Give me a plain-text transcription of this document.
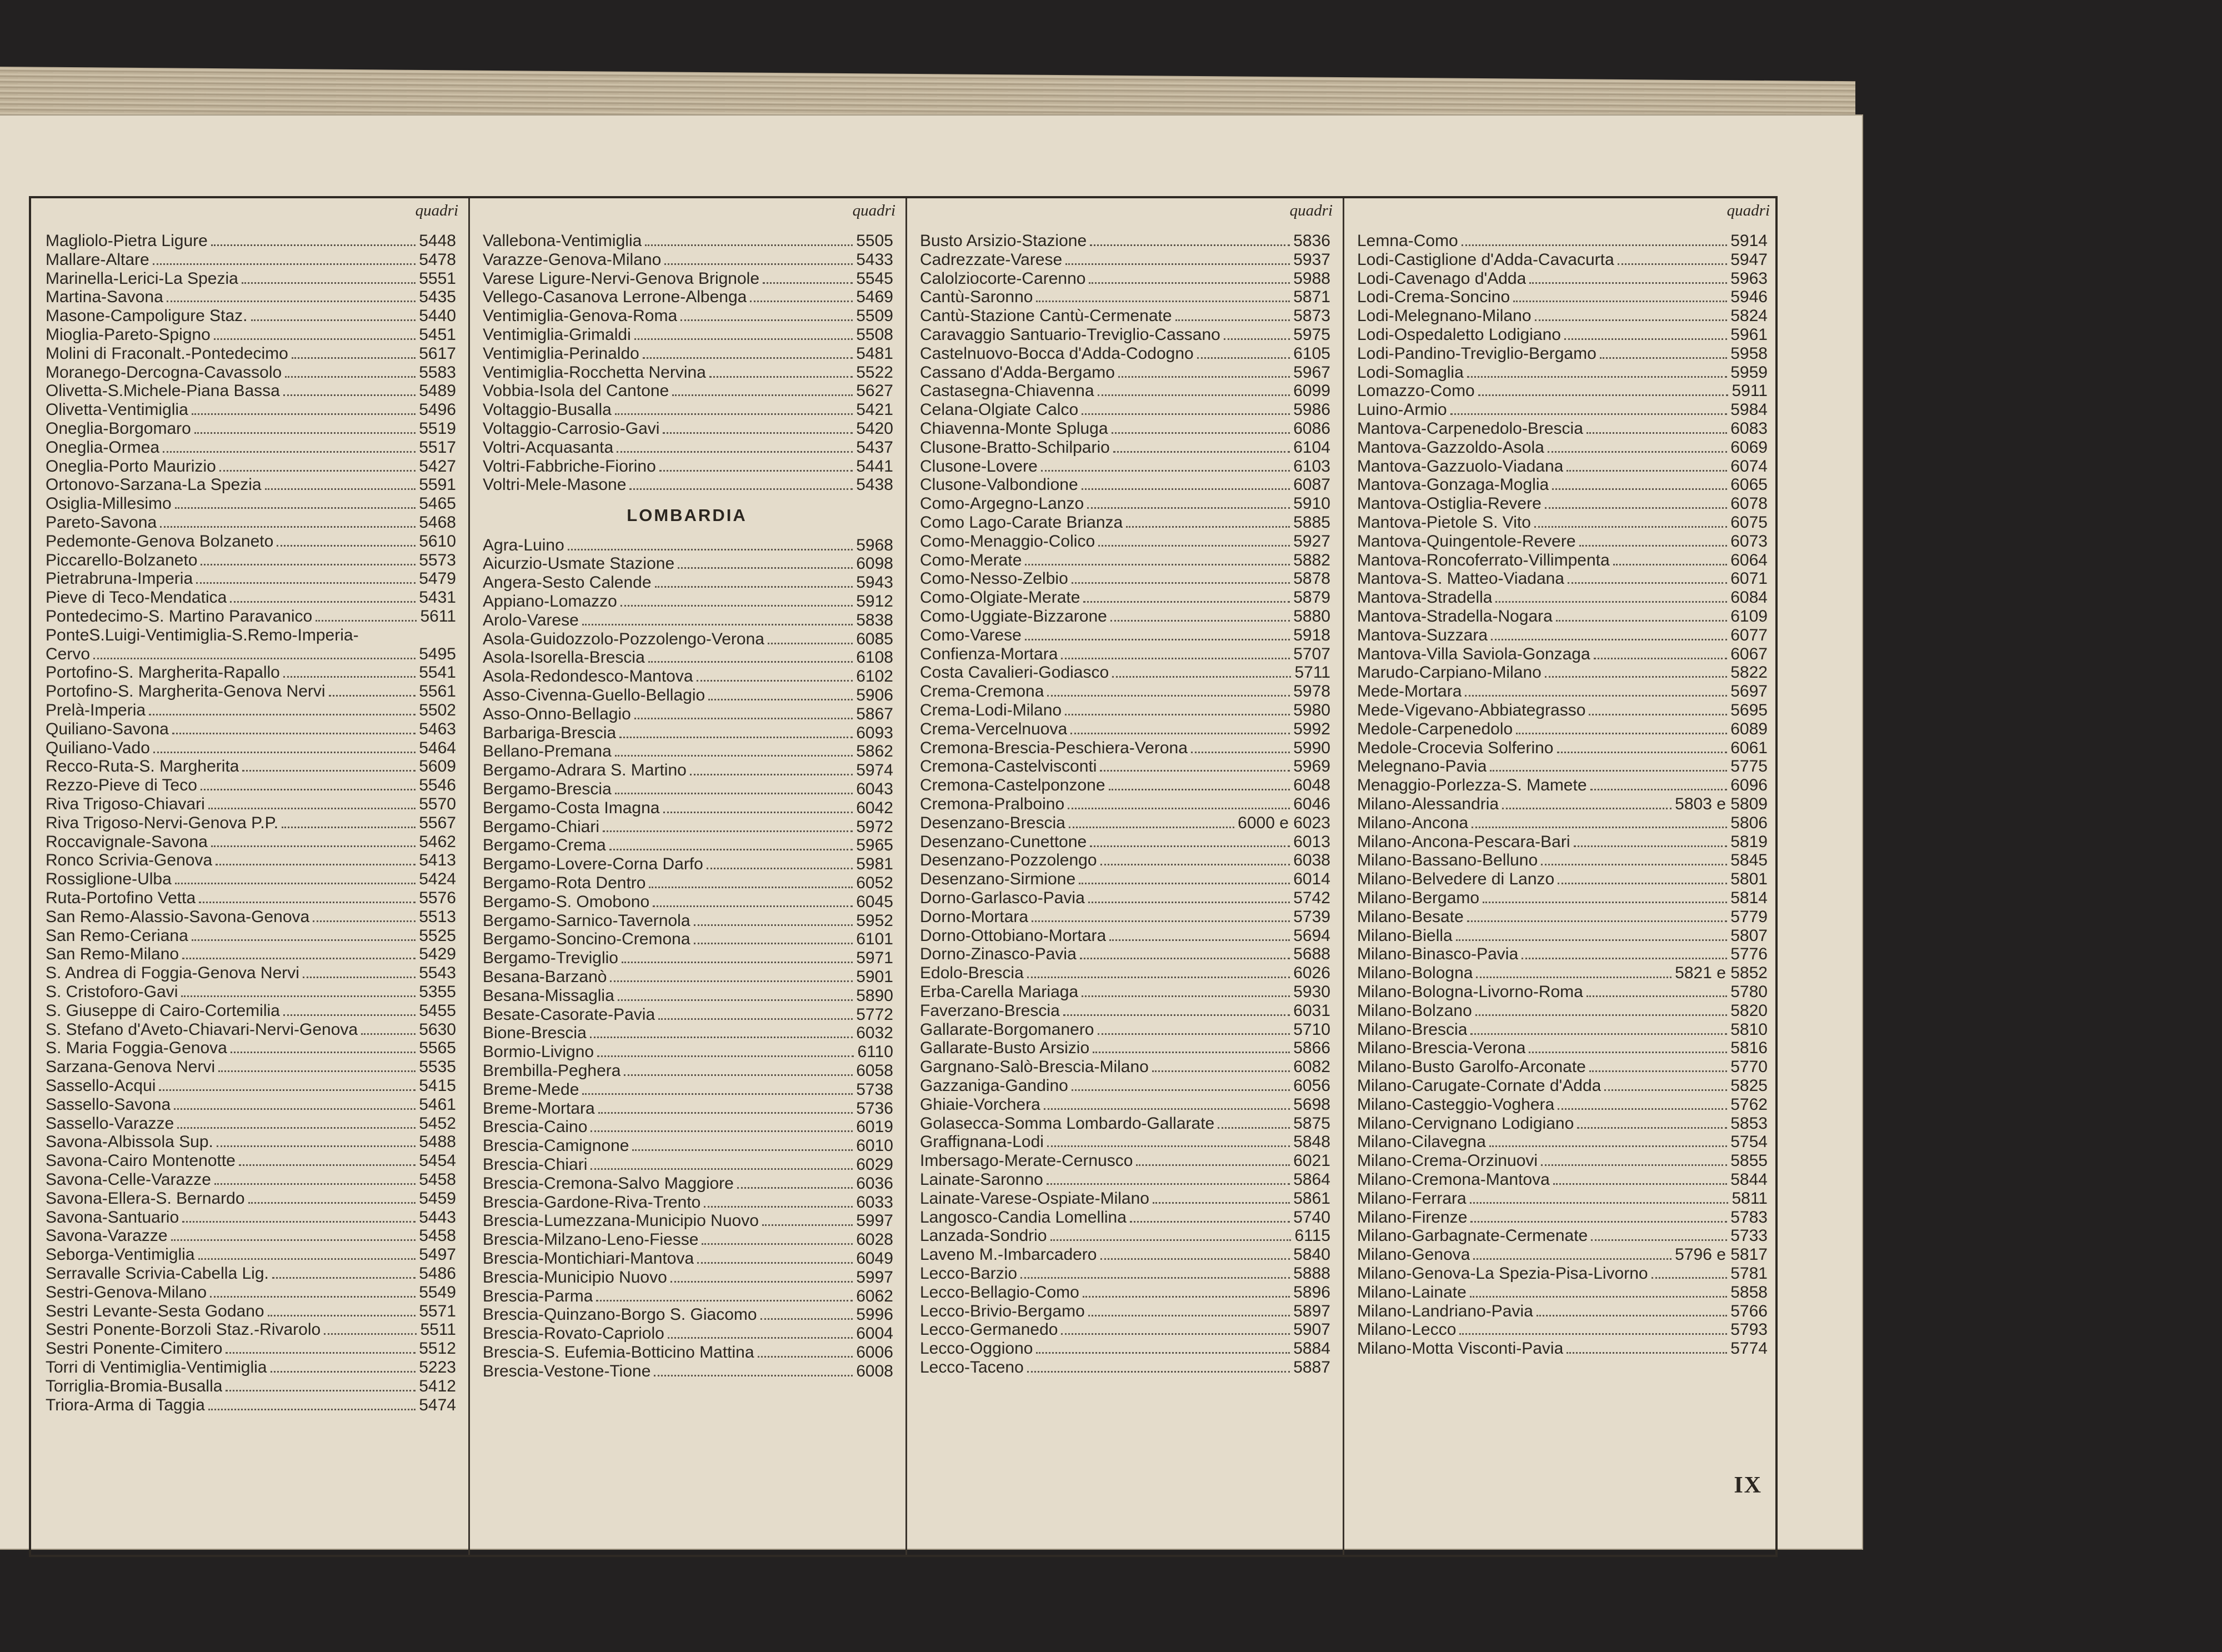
quadri
Magliolo-Pietra Ligure	5448
Mallare-Altare	5478
Marinella-Lerici-La Spezia	5551
Martina-Savona	5435
Masone-Campoligure Staz.	5440
Mioglia-Pareto-Spigno	5451
Molini di Fraconalt.-Pontedecimo	5617
Moranego-Dercogna-Cavassolo	5583
Olivetta-S.Michele-Piana Bassa	5489
Olivetta-Ventimiglia	5496
Oneglia-Borgomaro	5519
Oneglia-Ormea	5517
Oneglia-Porto Maurizio	5427
Ortonovo-Sarzana-La Spezia	5591
Osiglia-Millesimo	5465
Pareto-Savona	5468
Pedemonte-Genova Bolzaneto	5610
Piccarello-Bolzaneto	5573
Pietrabruna-Imperia	5479
Pieve di Teco-Mendatica	5431
Pontedecimo-S. Martino Paravanico	5611
PonteS.Luigi-Ventimiglia-S.Remo-Imperia-
Cervo	5495
Portofino-S. Margherita-Rapallo	5541
Portofino-S. Margherita-Genova Nervi	5561
Prelà-Imperia	5502
Quiliano-Savona	5463
Quiliano-Vado	5464
Recco-Ruta-S. Margherita	5609
Rezzo-Pieve di Teco	5546
Riva Trigoso-Chiavari	5570
Riva Trigoso-Nervi-Genova P.P.	5567
Roccavignale-Savona	5462
Ronco Scrivia-Genova	5413
Rossiglione-Ulba	5424
Ruta-Portofino Vetta	5576
San Remo-Alassio-Savona-Genova	5513
San Remo-Ceriana	5525
San Remo-Milano	5429
S. Andrea di Foggia-Genova Nervi	5543
S. Cristoforo-Gavi	5355
S. Giuseppe di Cairo-Cortemilia	5455
S. Stefano d'Aveto-Chiavari-Nervi-Genova	5630
S. Maria Foggia-Genova	5565
Sarzana-Genova Nervi	5535
Sassello-Acqui	5415
Sassello-Savona	5461
Sassello-Varazze	5452
Savona-Albissola Sup.	5488
Savona-Cairo Montenotte	5454
Savona-Celle-Varazze	5458
Savona-Ellera-S. Bernardo	5459
Savona-Santuario	5443
Savona-Varazze	5458
Seborga-Ventimiglia	5497
Serravalle Scrivia-Cabella Lig.	5486
Sestri-Genova-Milano	5549
Sestri Levante-Sesta Godano	5571
Sestri Ponente-Borzoli Staz.-Rivarolo	5511
Sestri Ponente-Cimitero	5512
Torri di Ventimiglia-Ventimiglia	5223
Torriglia-Bromia-Busalla	5412
Triora-Arma di Taggia	5474
quadri
Vallebona-Ventimiglia	5505
Varazze-Genova-Milano	5433
Varese Ligure-Nervi-Genova Brignole	5545
Vellego-Casanova Lerrone-Albenga	5469
Ventimiglia-Genova-Roma	5509
Ventimiglia-Grimaldi	5508
Ventimiglia-Perinaldo	5481
Ventimiglia-Rocchetta Nervina	5522
Vobbia-Isola del Cantone	5627
Voltaggio-Busalla	5421
Voltaggio-Carrosio-Gavi	5420
Voltri-Acquasanta	5437
Voltri-Fabbriche-Fiorino	5441
Voltri-Mele-Masone	5438
LOMBARDIA
Agra-Luino	5968
Aicurzio-Usmate Stazione	6098
Angera-Sesto Calende	5943
Appiano-Lomazzo	5912
Arolo-Varese	5838
Asola-Guidozzolo-Pozzolengo-Verona	6085
Asola-Isorella-Brescia	6108
Asola-Redondesco-Mantova	6102
Asso-Civenna-Guello-Bellagio	5906
Asso-Onno-Bellagio	5867
Barbariga-Brescia	6093
Bellano-Premana	5862
Bergamo-Adrara S. Martino	5974
Bergamo-Brescia	6043
Bergamo-Costa Imagna	6042
Bergamo-Chiari	5972
Bergamo-Crema	5965
Bergamo-Lovere-Corna Darfo	5981
Bergamo-Rota Dentro	6052
Bergamo-S. Omobono	6045
Bergamo-Sarnico-Tavernola	5952
Bergamo-Soncino-Cremona	6101
Bergamo-Treviglio	5971
Besana-Barzanò	5901
Besana-Missaglia	5890
Besate-Casorate-Pavia	5772
Bione-Brescia	6032
Bormio-Livigno	6110
Brembilla-Peghera	6058
Breme-Mede	5738
Breme-Mortara	5736
Brescia-Caino	6019
Brescia-Camignone	6010
Brescia-Chiari	6029
Brescia-Cremona-Salvo Maggiore	6036
Brescia-Gardone-Riva-Trento	6033
Brescia-Lumezzana-Municipio Nuovo	5997
Brescia-Milzano-Leno-Fiesse	6028
Brescia-Montichiari-Mantova	6049
Brescia-Municipio Nuovo	5997
Brescia-Parma	6062
Brescia-Quinzano-Borgo S. Giacomo	5996
Brescia-Rovato-Capriolo	6004
Brescia-S. Eufemia-Botticino Mattina	6006
Brescia-Vestone-Tione	6008
quadri
Busto Arsizio-Stazione	5836
Cadrezzate-Varese	5937
Calolziocorte-Carenno	5988
Cantù-Saronno	5871
Cantù-Stazione Cantù-Cermenate	5873
Caravaggio Santuario-Treviglio-Cassano	5975
Castelnuovo-Bocca d'Adda-Codogno	6105
Cassano d'Adda-Bergamo	5967
Castasegna-Chiavenna	6099
Celana-Olgiate Calco	5986
Chiavenna-Monte Spluga	6086
Clusone-Bratto-Schilpario	6104
Clusone-Lovere	6103
Clusone-Valbondione	6087
Como-Argegno-Lanzo	5910
Como Lago-Carate Brianza	5885
Como-Menaggio-Colico	5927
Como-Merate	5882
Como-Nesso-Zelbio	5878
Como-Olgiate-Merate	5879
Como-Uggiate-Bizzarone	5880
Como-Varese	5918
Confienza-Mortara	5707
Costa Cavalieri-Godiasco	5711
Crema-Cremona	5978
Crema-Lodi-Milano	5980
Crema-Vercelnuova	5992
Cremona-Brescia-Peschiera-Verona	5990
Cremona-Castelvisconti	5969
Cremona-Castelponzone	6048
Cremona-Pralboino	6046
Desenzano-Brescia	6000 e 6023
Desenzano-Cunettone	6013
Desenzano-Pozzolengo	6038
Desenzano-Sirmione	6014
Dorno-Garlasco-Pavia	5742
Dorno-Mortara	5739
Dorno-Ottobiano-Mortara	5694
Dorno-Zinasco-Pavia	5688
Edolo-Brescia	6026
Erba-Carella Mariaga	5930
Faverzano-Brescia	6031
Gallarate-Borgomanero	5710
Gallarate-Busto Arsizio	5866
Gargnano-Salò-Brescia-Milano	6082
Gazzaniga-Gandino	6056
Ghiaie-Vorchera	5698
Golasecca-Somma Lombardo-Gallarate	5875
Graffignana-Lodi	5848
Imbersago-Merate-Cernusco	6021
Lainate-Saronno	5864
Lainate-Varese-Ospiate-Milano	5861
Langosco-Candia Lomellina	5740
Lanzada-Sondrio	6115
Laveno M.-Imbarcadero	5840
Lecco-Barzio	5888
Lecco-Bellagio-Como	5896
Lecco-Brivio-Bergamo	5897
Lecco-Germanedo	5907
Lecco-Oggiono	5884
Lecco-Taceno	5887
quadri
Lemna-Como	5914
Lodi-Castiglione d'Adda-Cavacurta	5947
Lodi-Cavenago d'Adda	5963
Lodi-Crema-Soncino	5946
Lodi-Melegnano-Milano	5824
Lodi-Ospedaletto Lodigiano	5961
Lodi-Pandino-Treviglio-Bergamo	5958
Lodi-Somaglia	5959
Lomazzo-Como	5911
Luino-Armio	5984
Mantova-Carpenedolo-Brescia	6083
Mantova-Gazzoldo-Asola	6069
Mantova-Gazzuolo-Viadana	6074
Mantova-Gonzaga-Moglia	6065
Mantova-Ostiglia-Revere	6078
Mantova-Pietole S. Vito	6075
Mantova-Quingentole-Revere	6073
Mantova-Roncoferrato-Villimpenta	6064
Mantova-S. Matteo-Viadana	6071
Mantova-Stradella	6084
Mantova-Stradella-Nogara	6109
Mantova-Suzzara	6077
Mantova-Villa Saviola-Gonzaga	6067
Marudo-Carpiano-Milano	5822
Mede-Mortara	5697
Mede-Vigevano-Abbiategrasso	5695
Medole-Carpenedolo	6089
Medole-Crocevia Solferino	6061
Melegnano-Pavia	5775
Menaggio-Porlezza-S. Mamete	6096
Milano-Alessandria	5803 e 5809
Milano-Ancona	5806
Milano-Ancona-Pescara-Bari	5819
Milano-Bassano-Belluno	5845
Milano-Belvedere di Lanzo	5801
Milano-Bergamo	5814
Milano-Besate	5779
Milano-Biella	5807
Milano-Binasco-Pavia	5776
Milano-Bologna	5821 e 5852
Milano-Bologna-Livorno-Roma	5780
Milano-Bolzano	5820
Milano-Brescia	5810
Milano-Brescia-Verona	5816
Milano-Busto Garolfo-Arconate	5770
Milano-Carugate-Cornate d'Adda	5825
Milano-Casteggio-Voghera	5762
Milano-Cervignano Lodigiano	5853
Milano-Cilavegna	5754
Milano-Crema-Orzinuovi	5855
Milano-Cremona-Mantova	5844
Milano-Ferrara	5811
Milano-Firenze	5783
Milano-Garbagnate-Cermenate	5733
Milano-Genova	5796 e 5817
Milano-Genova-La Spezia-Pisa-Livorno	5781
Milano-Lainate	5858
Milano-Landriano-Pavia	5766
Milano-Lecco	5793
Milano-Motta Visconti-Pavia	5774
IX
